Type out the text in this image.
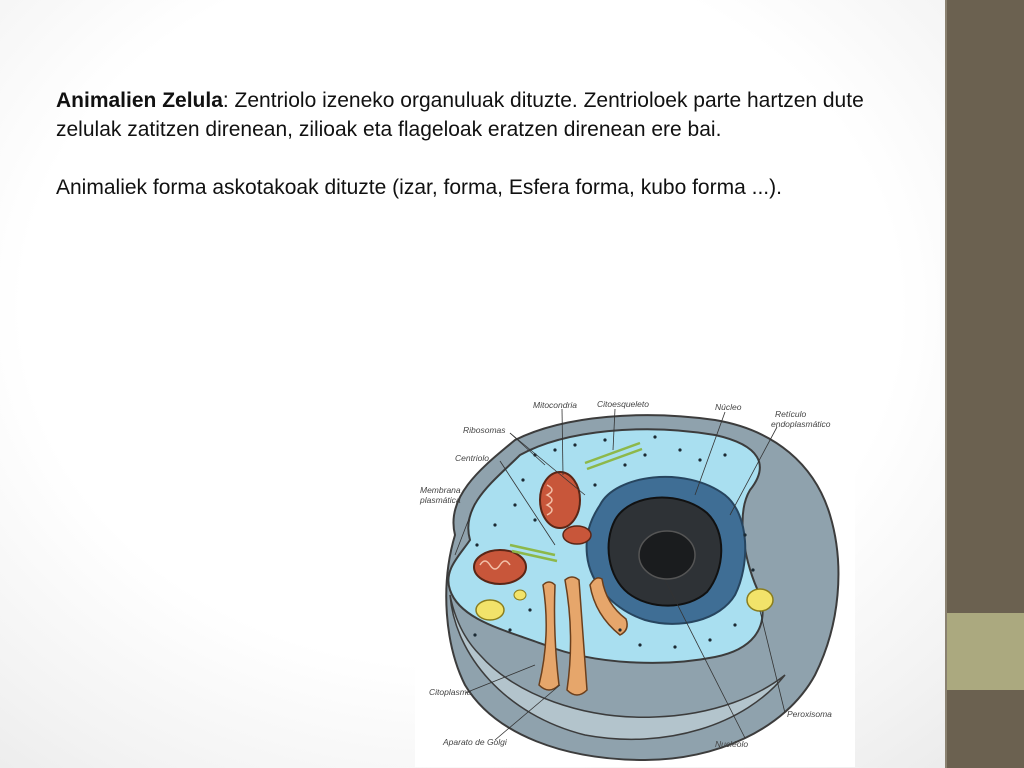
Animalien Zelula: Zentriolo izeneko organuluak dituzte. Zentrioloek parte hartzen dute zelulak zatitzen direnean, zilioak eta flageloak eratzen direnean ere bai.

Animaliek forma askotakoak dituzte (izar, forma, Esfera forma, kubo forma ...).

Mitocondria Citoesqueleto	Núcleo
Retículo
endoplasmático
Ribosomas
Centriolo
Membrana
plasmática
Citoplasma
Peroxisoma
Aparato de Golgi	Nucléolo
